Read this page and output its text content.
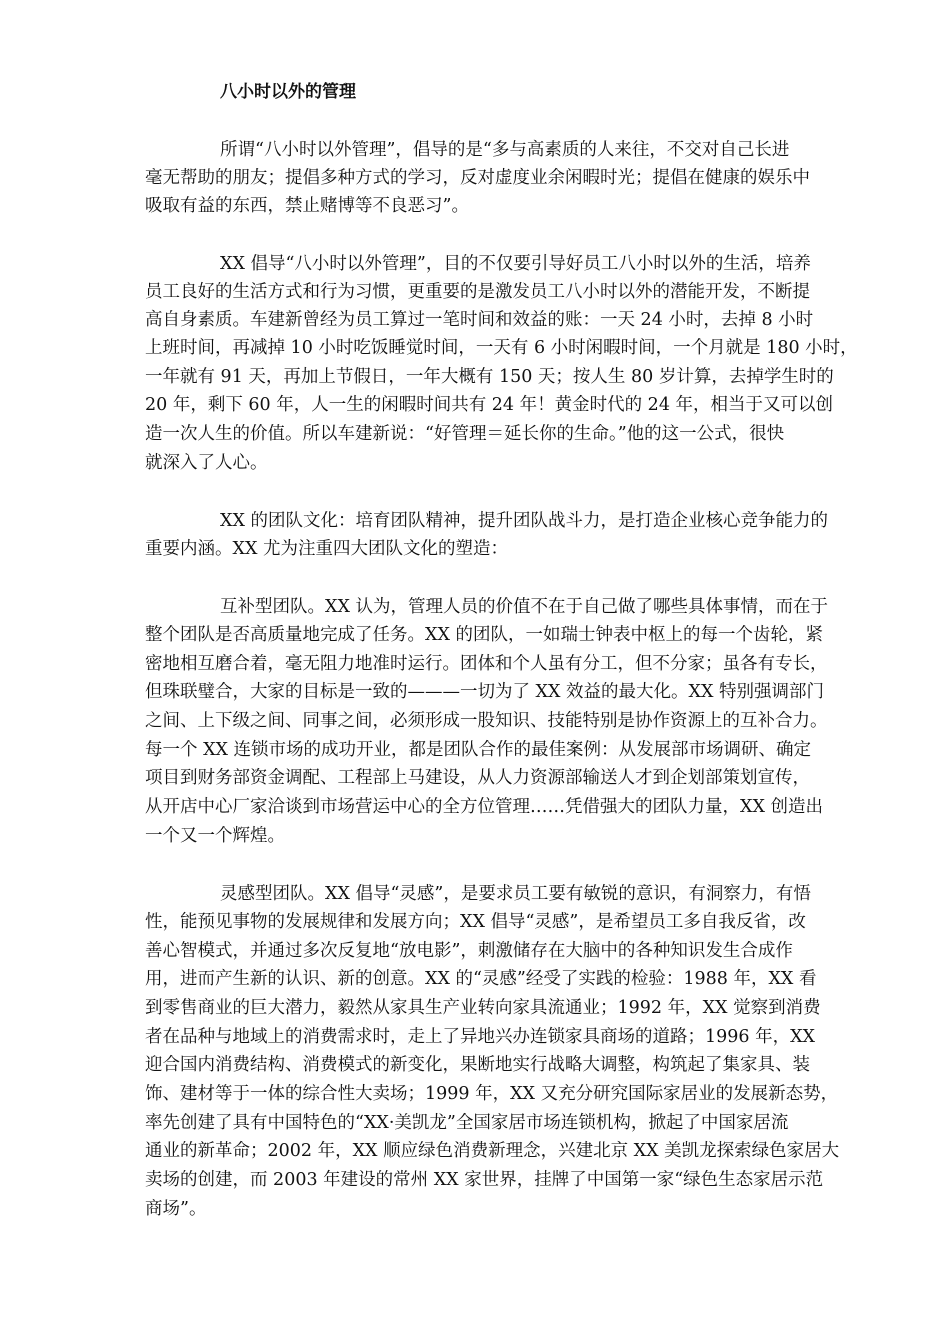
八小时以外的管理
所谓“八小时以外管理”，倡导的是“多与高素质的人来往，不交对自己长进
毫无帮助的朋友；提倡多种方式的学习，反对虚度业余闲暇时光；提倡在健康的娱乐中
吸取有益的东西，禁止赌博等不良恶习”。
XX 倡导“八小时以外管理”，目的不仅要引导好员工八小时以外的生活，培养
员工良好的生活方式和行为习惯，更重要的是激发员工八小时以外的潜能开发，不断提
高自身素质。车建新曾经为员工算过一笔时间和效益的账：一天 24 小时，去掉 8 小时
上班时间，再减掉 10 小时吃饭睡觉时间，一天有 6 小时闲暇时间，一个月就是 180 小时，
一年就有 91 天，再加上节假日，一年大概有 150 天；按人生 80 岁计算，去掉学生时的
20 年，剩下 60 年，人一生的闲暇时间共有 24 年！黄金时代的 24 年，相当于又可以创
造一次人生的价值。所以车建新说：“好管理＝延长你的生命。”他的这一公式，很快
就深入了人心。
XX 的团队文化：培育团队精神，提升团队战斗力，是打造企业核心竞争能力的
重要内涵。XX 尤为注重四大团队文化的塑造：
互补型团队。XX 认为，管理人员的价值不在于自己做了哪些具体事情，而在于
整个团队是否高质量地完成了任务。XX 的团队，一如瑞士钟表中枢上的每一个齿轮，紧
密地相互磨合着，毫无阻力地准时运行。团体和个人虽有分工，但不分家；虽各有专长，
但珠联璧合，大家的目标是一致的———一切为了 XX 效益的最大化。XX 特别强调部门
之间、上下级之间、同事之间，必须形成一股知识、技能特别是协作资源上的互补合力。
每一个 XX 连锁市场的成功开业，都是团队合作的最佳案例：从发展部市场调研、确定
项目到财务部资金调配、工程部上马建设，从人力资源部输送人才到企划部策划宣传，
从开店中心厂家洽谈到市场营运中心的全方位管理……凭借强大的团队力量，XX 创造出
一个又一个辉煌。
灵感型团队。XX 倡导“灵感”，是要求员工要有敏锐的意识，有洞察力，有悟
性，能预见事物的发展规律和发展方向；XX 倡导“灵感”，是希望员工多自我反省，改
善心智模式，并通过多次反复地“放电影”，刺激储存在大脑中的各种知识发生合成作
用，进而产生新的认识、新的创意。XX 的“灵感”经受了实践的检验：1988 年，XX 看
到零售商业的巨大潜力，毅然从家具生产业转向家具流通业；1992 年，XX 觉察到消费
者在品种与地域上的消费需求时，走上了异地兴办连锁家具商场的道路；1996 年，XX
迎合国内消费结构、消费模式的新变化，果断地实行战略大调整，构筑起了集家具、装
饰、建材等于一体的综合性大卖场；1999 年，XX 又充分研究国际家居业的发展新态势，
率先创建了具有中国特色的“XX·美凯龙”全国家居市场连锁机构，掀起了中国家居流
通业的新革命；2002 年，XX 顺应绿色消费新理念，兴建北京 XX 美凯龙探索绿色家居大
卖场的创建，而 2003 年建设的常州 XX 家世界，挂牌了中国第一家“绿色生态家居示范
商场”。
